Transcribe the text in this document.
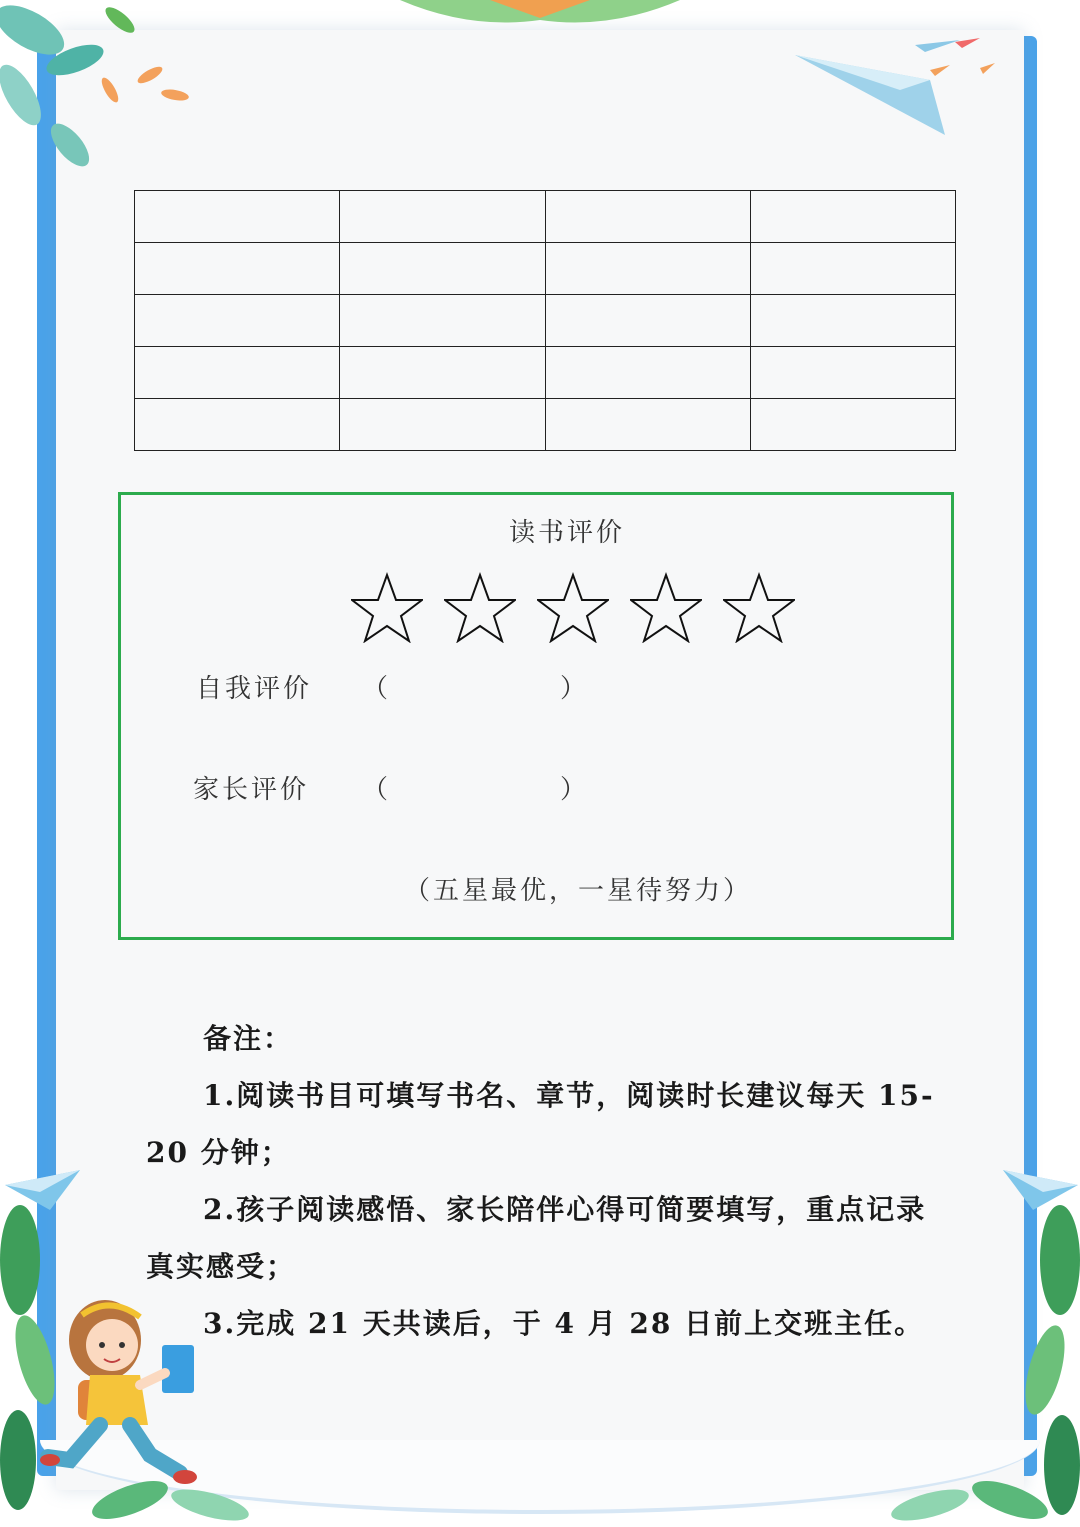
读书评价
自我评价 （	）
家长评价 （	）
（五星最优，一星待努力）

备注：

1.阅读书目可填写书名、章节，阅读时长建议每天 15-20 分钟；

2.孩子阅读感悟、家长陪伴心得可简要填写，重点记录真实感受；

3.完成 21 天共读后，于 4 月 28 日前上交班主任。
